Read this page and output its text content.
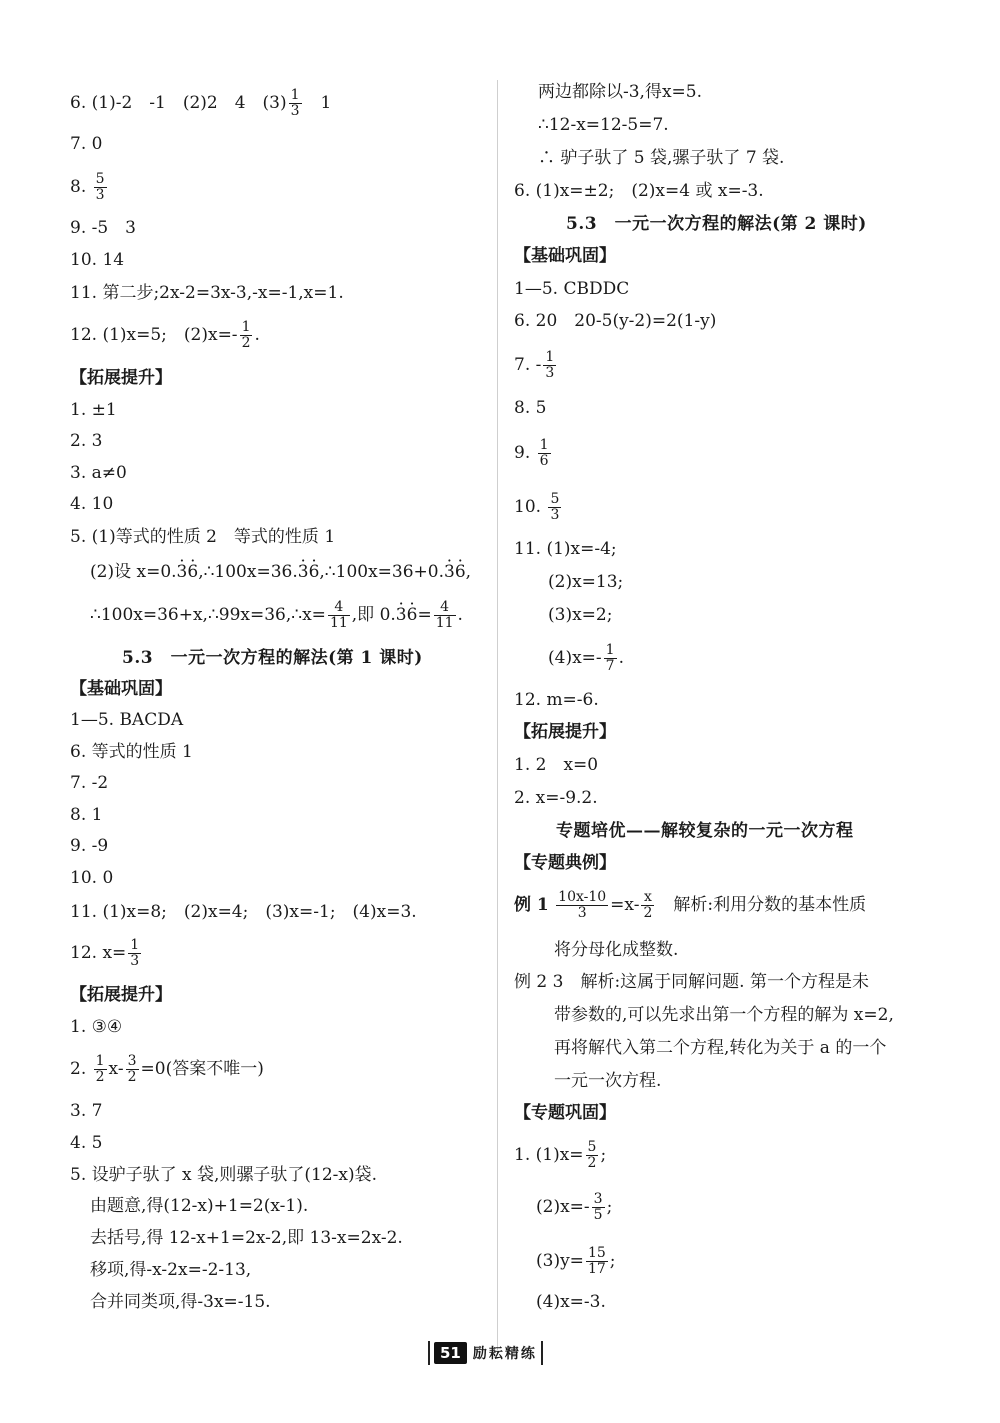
6. (1)-2　-1　(2)2　4　$(3) \frac{1}{3}$ 　1
7. 0
8. $\frac{5}{3}$
9. -5　3
10. 14
11. 第二步;2x-2=3x-3,-x=-1,x=1.
12. (1)x=5;　$(2)x=- \frac{1}{2}$ .
【拓展提升】
1. ±1
2. 3
3. a≠0
4. 10
5. (1)等式的性质 2　等式的性质 1
(2)设 x=0.· 3· 6,∴100x=36.· 3· 6,∴100x=36+0.· 3· 6,
∴100x=36+x,∴99x=36,∴x= $\frac{4}{11}$ ,即 $0.\cdot 3\cdot 6= \frac{4}{11}$ .
5.3　一元一次方程的解法(第 1 课时)
【基础巩固】
1—5. BACDA
6. 等式的性质 1
7. -2
8. 1
9. -9
10. 0
11. (1)x=8;　(2)x=4;　(3)x=-1;　(4)x=3.
12. $x= \frac{1}{3}$
【拓展提升】
1. ③④
2. $\frac{1}{2} x- \frac{3}{2} =0$(答案不唯一)
3. 7
4. 5
5. 设驴子驮了 x 袋,则骡子驮了(12-x)袋.
由题意,得(12-x)+1=2(x-1).
去括号,得 12-x+1=2x-2,即 13-x=2x-2.
移项,得-x-2x=-2-13,
合并同类项,得-3x=-15.
两边都除以-3,得x=5.
∴12-x=12-5=7.
∴ 驴子驮了 5 袋,骡子驮了 7 袋.
6. (1)x=±2;　(2)x=4 或 x=-3.
5.3　一元一次方程的解法(第 2 课时)
【基础巩固】
1—5. CBDDC
6. 20　20-5(y-2)=2(1-y)
7. - $\frac{1}{3}$
8. 5
9. $\frac{1}{6}$
10. $\frac{5}{3}$
11. (1)x=-4;
(2)x=13;
(3)x=2;
$(4)x=- \frac{1}{7}$ .
12. m=-6.
【拓展提升】
1. 2　x=0
2. x=-9.2.
专题培优——解较复杂的一元一次方程
【专题典例】
例 $1 \frac{10x-10}{3} =x- \frac{x}{2}$ 　解析:利用分数的基本性质
将分母化成整数.
例 2 3　解析:这属于同解问题. 第一个方程是未
带参数的,可以先求出第一个方程的解为 x=2,
再将解代入第二个方程,转化为关于 a 的一个
一元一次方程.
【专题巩固】
1. $(1)x= \frac{5}{2}$ ;
$(2)x=- \frac{3}{5}$ ;
$(3)y= \frac{15}{17}$ ;
(4)x=-3.
51 励耘精练
